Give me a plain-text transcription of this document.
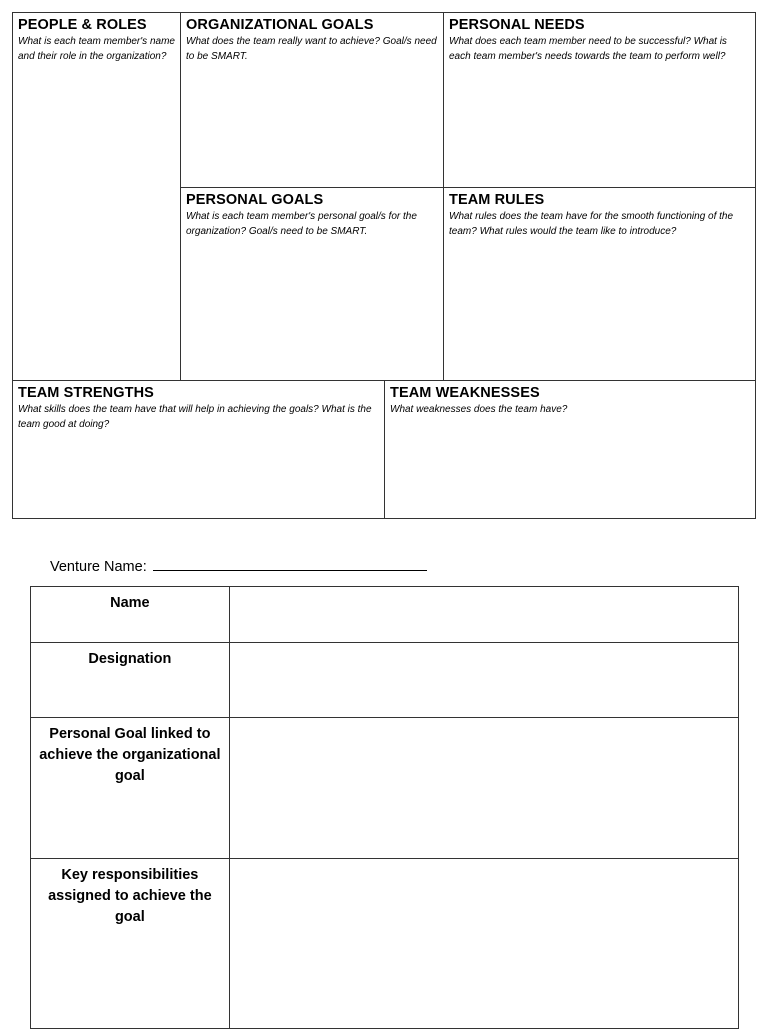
PEOPLE & ROLES
What is each team member's name and their role in the organization?
ORGANIZATIONAL GOALS
What does the team really want to achieve? Goal/s need to be SMART.
PERSONAL NEEDS
What does each team member need to be successful? What is each team member's needs towards the team to perform well?
PERSONAL GOALS
What is each team member's personal goal/s for the organization? Goal/s need to be SMART.
TEAM RULES
What rules does the team have for the smooth functioning of the team? What rules would the team like to introduce?
TEAM STRENGTHS
What skills does the team have that will help in achieving the goals? What is the team good at doing?
TEAM WEAKNESSES
What weaknesses does the team have?
Venture Name:
Name	
Designation	
Personal Goal linked to achieve the organizational goal	
Key responsibilities assigned to achieve the goal	
